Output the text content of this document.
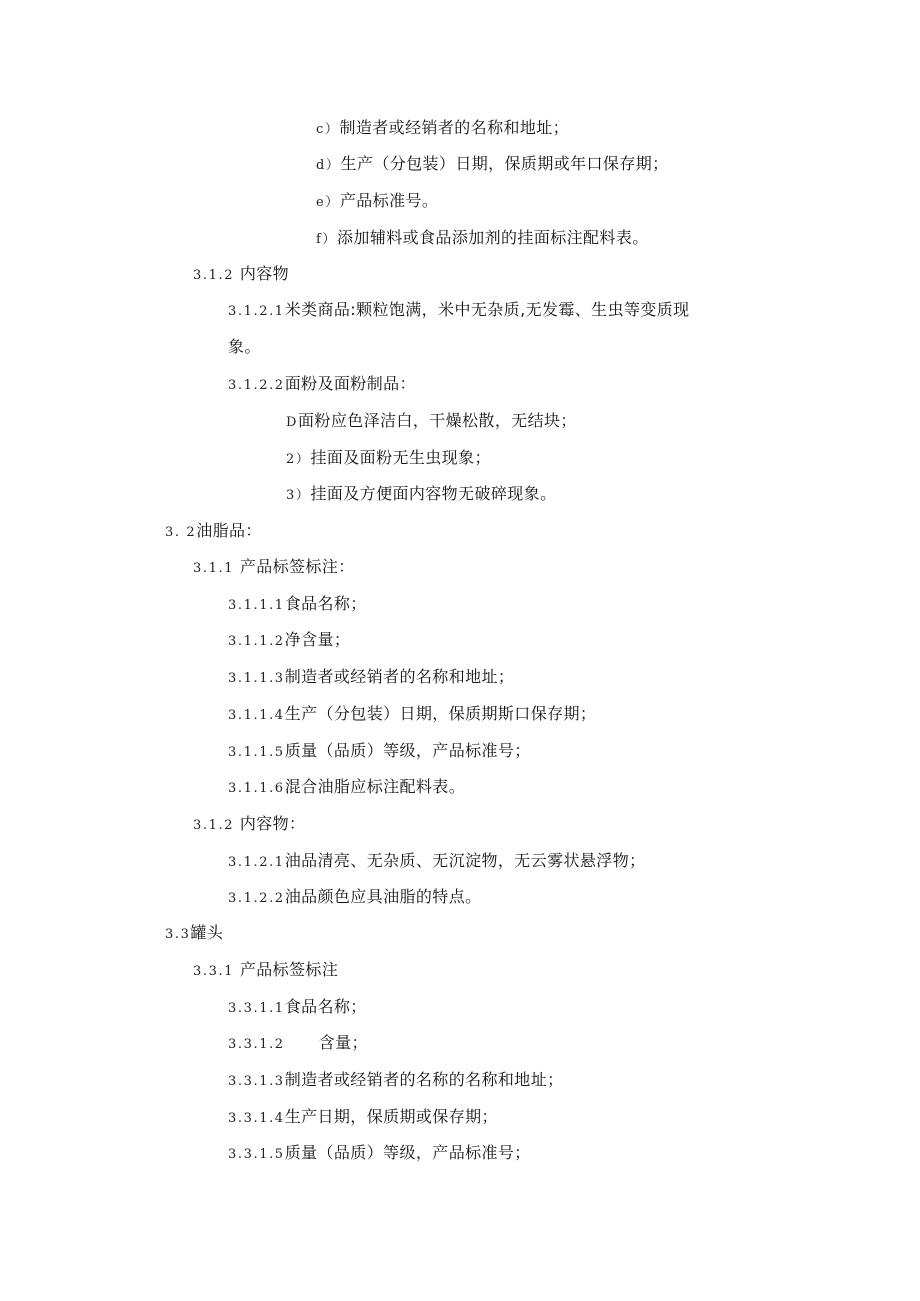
c）制造者或经销者的名称和地址；
d）生产（分包装）日期，保质期或年口保存期；
e）产品标准号。
f）添加辅料或食品添加剂的挂面标注配料表。
3.1.2 内容物
3.1.2.1米类商品:颗粒饱满，米中无杂质,无发霉、生虫等变质现
象。
3.1.2.2面粉及面粉制品：
D面粉应色泽洁白，干燥松散，无结块；
2）挂面及面粉无生虫现象；
3）挂面及方便面内容物无破碎现象。
3. 2油脂品：
3.1.1 产品标签标注：
3.1.1.1食品名称；
3.1.1.2净含量；
3.1.1.3制造者或经销者的名称和地址；
3.1.1.4生产（分包装）日期，保质期斯口保存期；
3.1.1.5质量（品质）等级，产品标准号；
3.1.1.6混合油脂应标注配料表。
3.1.2 内容物：
3.1.2.1油品清亮、无杂质、无沉淀物，无云雾状悬浮物；
3.1.2.2油品颜色应具油脂的特点。
3.3罐头
3.3.1 产品标签标注
3.3.1.1食品名称；
3.3.1.2 含量；
3.3.1.3制造者或经销者的名称的名称和地址；
3.3.1.4生产日期，保质期或保存期；
3.3.1.5质量（品质）等级，产品标准号；
